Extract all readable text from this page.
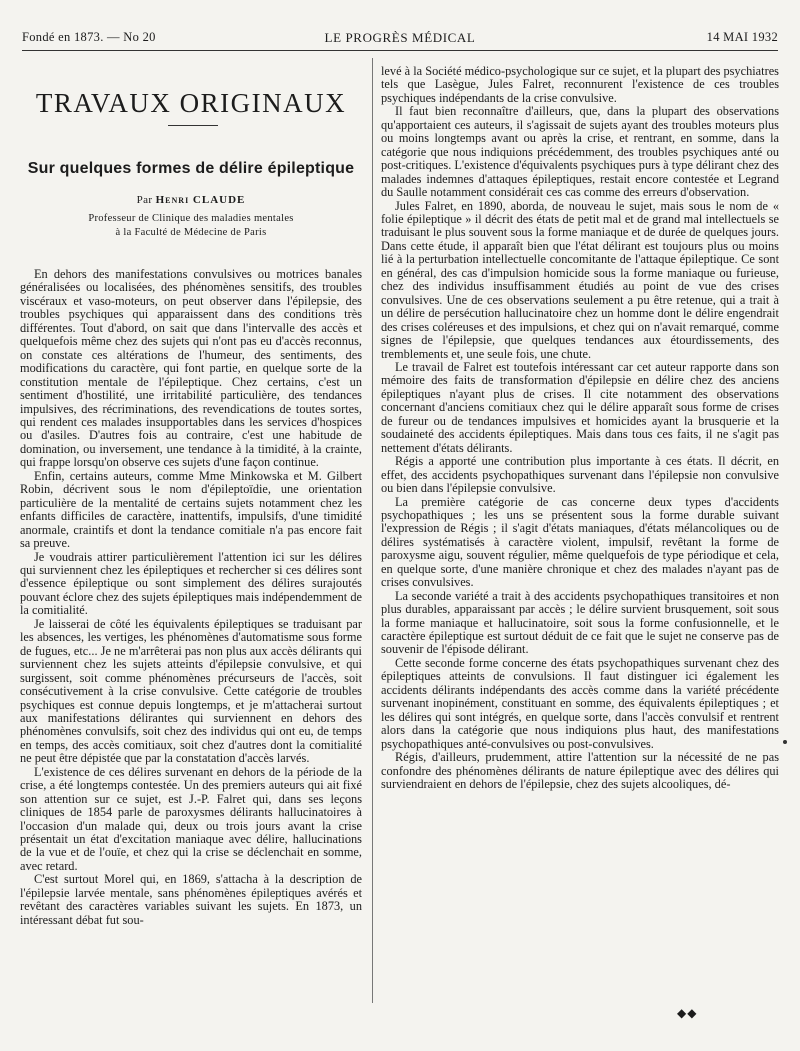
Fondé en 1873. — No 20	LE PROGRÈS MÉDICAL	14 MAI 1932
TRAVAUX ORIGINAUX
Sur quelques formes de délire épileptique
Par Henri CLAUDE
Professeur de Clinique des maladies mentales
à la Faculté de Médecine de Paris

En dehors des manifestations convulsives ou motrices banales généralisées ou localisées, des phénomènes sensitifs, des troubles viscéraux et vaso-moteurs, on peut observer dans l'épilepsie, des troubles psychiques qui apparaissent dans des conditions très différentes. Tout d'abord, on sait que dans l'intervalle des accès et quelquefois même chez des sujets qui n'ont pas eu d'accès reconnus, on constate ces altérations de l'humeur, des sentiments, des modifications du caractère, qui font partie, en quelque sorte de la constitution mentale de l'épileptique. Chez certains, c'est un sentiment d'hostilité, une irritabilité particulière, des tendances impulsives, des récriminations, des revendications de toutes sortes, qui rendent ces malades insupportables dans les services d'hospices ou d'asiles. D'autres fois au contraire, c'est une habitude de domination, ou inversement, une tendance à la timidité, à la crainte, qui frappe lorsqu'on observe ces sujets d'une façon continue.

Enfin, certains auteurs, comme Mme Minkowska et M. Gilbert Robin, décrivent sous le nom d'épileptoïdie, une orientation particulière de la mentalité de certains sujets notamment chez les enfants difficiles de caractère, inattentifs, impulsifs, d'une timidité anormale, craintifs et dont la tendance comitiale n'a pas encore fait sa preuve.

Je voudrais attirer particulièrement l'attention ici sur les délires qui surviennent chez les épileptiques et rechercher si ces délires sont d'essence épileptique ou sont simplement des délires surajoutés pouvant éclore chez des sujets épileptiques mais indépendemment de la comitialité.

Je laisserai de côté les équivalents épileptiques se traduisant par les absences, les vertiges, les phénomènes d'automatisme sous forme de fugues, etc... Je ne m'arrêterai pas non plus aux accès délirants qui surviennent chez les sujets atteints d'épilepsie convulsive, et qui surgissent, soit comme phénomènes précurseurs de l'accès, soit consécutivement à la crise convulsive. Cette catégorie de troubles psychiques est connue depuis longtemps, et je m'attacherai surtout aux manifestations délirantes qui surviennent en dehors des phénomènes convulsifs, soit chez des individus qui ont eu, de temps en temps, des accès comitiaux, soit chez d'autres dont la comitialité ne peut être dépistée que par la constatation d'accès larvés.

L'existence de ces délires survenant en dehors de la période de la crise, a été longtemps contestée. Un des premiers auteurs qui ait fixé son attention sur ce sujet, est J.-P. Falret qui, dans ses leçons cliniques de 1854 parle de paroxysmes délirants hallucinatoires à l'occasion d'un malade qui, deux ou trois jours avant la crise présentait un état d'excitation maniaque avec délire, hallucinations de la vue et de l'ouïe, et chez qui la crise se déclenchait en somme, avec retard.

C'est surtout Morel qui, en 1869, s'attacha à la description de l'épilepsie larvée mentale, sans phénomènes épileptiques avérés et revêtant des caractères variables suivant les sujets. En 1873, un intéressant débat fut sou-

levé à la Société médico-psychologique sur ce sujet, et la plupart des psychiatres tels que Lasègue, Jules Falret, reconnurent l'existence de ces troubles psychiques indépendants de la crise convulsive.

Il faut bien reconnaître d'ailleurs, que, dans la plupart des observations qu'apportaient ces auteurs, il s'agissait de sujets ayant des troubles moteurs plus ou moins longtemps avant ou après la crise, et rentrant, en somme, dans la catégorie que nous indiquions précédemment, des troubles psychiques anté ou post-critiques. L'existence d'équivalents psychiques purs à type délirant chez des malades indemnes d'attaques épileptiques, restait encore contestée et Legrand du Saulle notamment considérait ces cas comme des erreurs d'observation.

Jules Falret, en 1890, aborda, de nouveau le sujet, mais sous le nom de « folie épileptique » il décrit des états de petit mal et de grand mal intellectuels se traduisant le plus souvent sous la forme maniaque et de durée de quelques jours. Dans cette étude, il apparaît bien que l'état délirant est toujours plus ou moins lié à la perturbation intellectuelle concomitante de l'attaque épileptique. Ce sont en général, des cas d'impulsion homicide sous la forme maniaque ou furieuse, chez des individus insuffisamment étudiés au point de vue des crises convulsives. Une de ces observations seulement a pu être retenue, qui a trait à un délire de persécution hallucinatoire chez un homme dont le délire engendrait des crises coléreuses et des impulsions, et chez qui on n'avait remarqué, comme signes de l'épilepsie, que quelques tendances aux étourdissements, des tremblements et, une seule fois, une chute.

Le travail de Falret est toutefois intéressant car cet auteur rapporte dans son mémoire des faits de transformation d'épilepsie en délire chez des anciens épileptiques n'ayant plus de crises. Il cite notamment des observations concernant d'anciens comitiaux chez qui le délire apparaît sous forme de crises de fureur ou de tendances impulsives et homicides ayant la brusquerie et la soudaineté des accidents épileptiques. Mais dans tous ces faits, il ne s'agit pas nettement d'états délirants.

Régis a apporté une contribution plus importante à ces états. Il décrit, en effet, des accidents psychopathiques survenant dans l'épilepsie non convulsive ou bien dans l'épilepsie convulsive.

La première catégorie de cas concerne deux types d'accidents psychopathiques ; les uns se présentent sous la forme durable suivant l'expression de Régis ; il s'agit d'états maniaques, d'états mélancoliques ou de délires systématisés à caractère violent, impulsif, revêtant la forme de paroxysme aigu, souvent régulier, même quelquefois de type périodique et cela, en quelque sorte, d'une manière chronique et chez des malades n'ayant pas de crises convulsives.

La seconde variété a trait à des accidents psychopathiques transitoires et non plus durables, apparaissant par accès ; le délire survient brusquement, soit sous la forme maniaque et hallucinatoire, soit sous la forme confusionnelle, et le caractère épileptique est surtout déduit de ce fait que le sujet ne conserve pas de souvenir de l'épisode délirant.

Cette seconde forme concerne des états psychopathiques survenant chez des épileptiques atteints de convulsions. Il faut distinguer ici également les accidents délirants indépendants des accès comme dans la variété précédente survenant inopinément, constituant en somme, des équivalents épileptiques ; et les délires qui sont intégrés, en quelque sorte, dans l'accès convulsif et rentrent alors dans la catégorie que nous indiquions plus haut, des manifestations psychopathiques anté-convulsives ou post-convulsives.

Régis, d'ailleurs, prudemment, attire l'attention sur la nécessité de ne pas confondre des phénomènes délirants de nature épileptique avec des délires qui surviendraient en dehors de l'épilepsie, chez des sujets alcooliques, dé-

◆◆
